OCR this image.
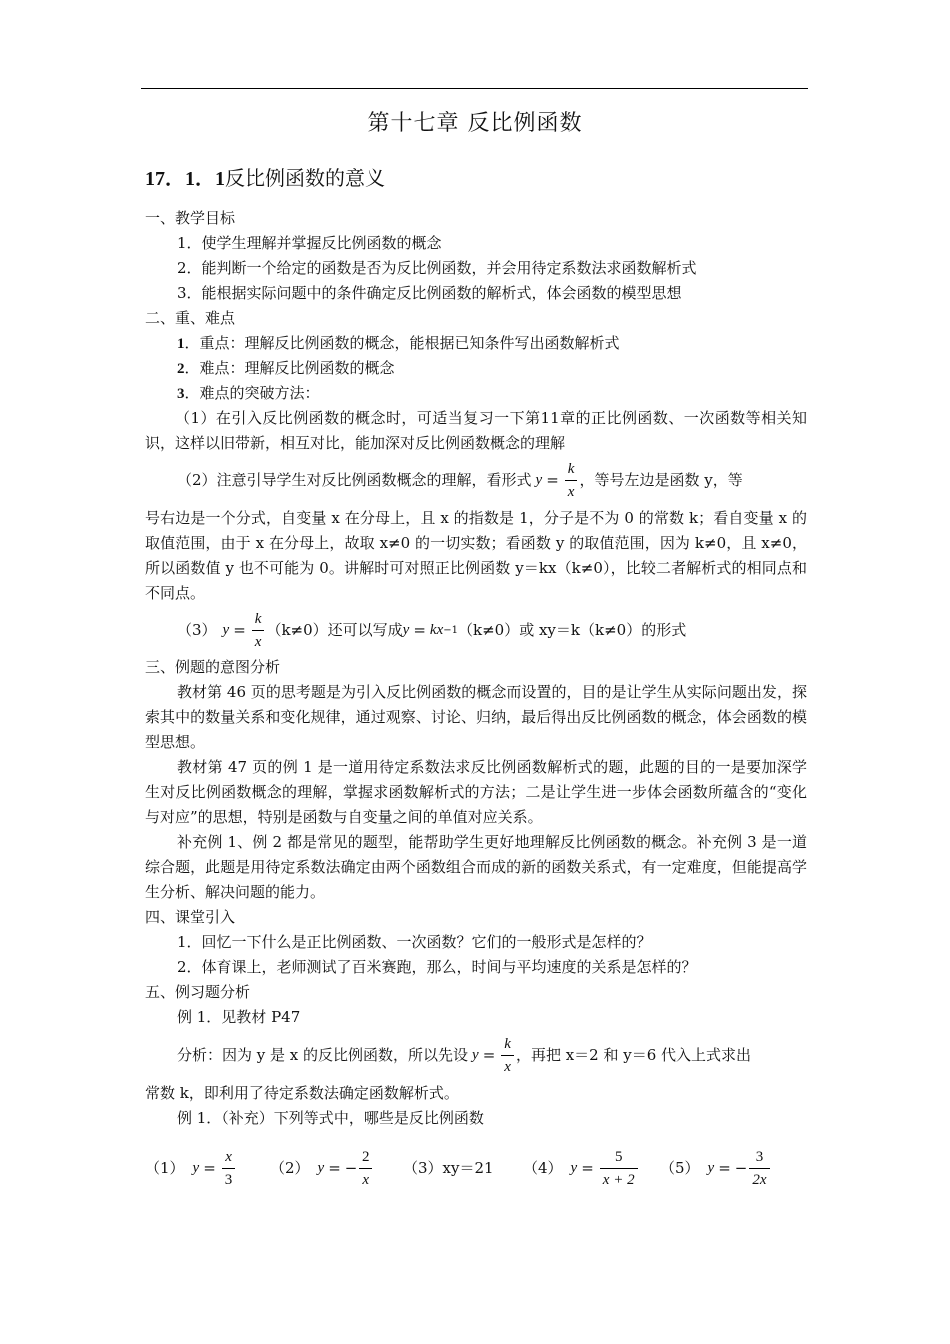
第十七章 反比例函数
17．1．1反比例函数的意义
一、教学目标
1．使学生理解并掌握反比例函数的概念
2．能判断一个给定的函数是否为反比例函数，并会用待定系数法求函数解析式
3．能根据实际问题中的条件确定反比例函数的解析式，体会函数的模型思想
二、重、难点
1．重点：理解反比例函数的概念，能根据已知条件写出函数解析式
2．难点：理解反比例函数的概念
3．难点的突破方法：
（1）在引入反比例函数的概念时，可适当复习一下第11章的正比例函数、一次函数等相关知识，这样以旧带新，相互对比，能加深对反比例函数概念的理解
（2）注意引导学生对反比例函数概念的理解，看形式 $y = \frac{k}{x}$ ，等号左边是函数 y，等
号右边是一个分式，自变量 x 在分母上，且 x 的指数是 1，分子是不为 0 的常数 k；看自变量 x 的取值范围，由于 x 在分母上，故取 x≠0 的一切实数；看函数 y 的取值范围，因为 k≠0，且 x≠0，所以函数值 y 也不可能为 0。讲解时可对照正比例函数 y＝kx（k≠0），比较二者解析式的相同点和不同点。
（3） $y = \frac{k}{x} (k\ne 0)$还可以写成 y = kx −1 （k≠0）或 xy＝k（k≠0）的形式
三、例题的意图分析
教材第 46 页的思考题是为引入反比例函数的概念而设置的，目的是让学生从实际问题出发，探索其中的数量关系和变化规律，通过观察、讨论、归纳，最后得出反比例函数的概念，体会函数的模型思想。
教材第 47 页的例 1 是一道用待定系数法求反比例函数解析式的题，此题的目的一是要加深学生对反比例函数概念的理解，掌握求函数解析式的方法；二是让学生进一步体会函数所蕴含的“变化与对应”的思想，特别是函数与自变量之间的单值对应关系。
补充例 1、例 2 都是常见的题型，能帮助学生更好地理解反比例函数的概念。补充例 3 是一道综合题，此题是用待定系数法确定由两个函数组合而成的新的函数关系式，有一定难度，但能提高学生分析、解决问题的能力。
四、课堂引入
1．回忆一下什么是正比例函数、一次函数？它们的一般形式是怎样的？
2．体育课上，老师测试了百米赛跑，那么，时间与平均速度的关系是怎样的？
五、例习题分析
例 1．见教材 P47
分析：因为 y 是 x 的反比例函数，所以先设 $y = \frac{k}{x}$ ，再把 x＝2 和 y＝6 代入上式求出
常数 k，即利用了待定系数法确定函数解析式。
例 1．（补充）下列等式中，哪些是反比例函数
（1） $y = \frac{x}{3} (2) y$ = − $\frac{2}{x} (3)xy=21$ （4） $y = \frac{5}{x + 2} (5) y$ = − $\frac{3}{2x}$
